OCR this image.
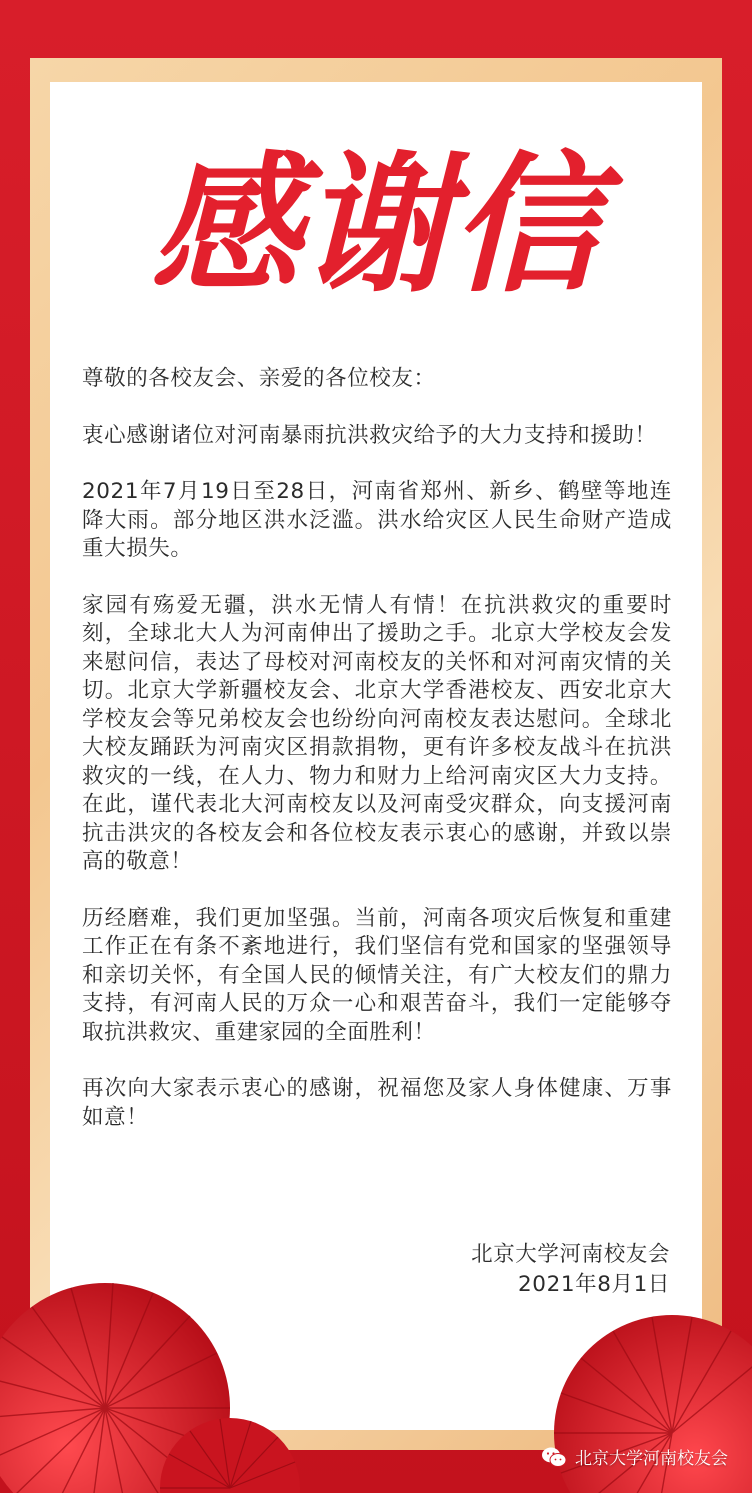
感谢信

尊敬的各校友会、亲爱的各位校友：

衷心感谢诸位对河南暴雨抗洪救灾给予的大力支持和援助！

2021年7月19日至28日，河南省郑州、新乡、鹤壁等地连降大雨。部分地区洪水泛滥。洪水给灾区人民生命财产造成重大损失。

家园有殇爱无疆，洪水无情人有情！在抗洪救灾的重要时刻，全球北大人为河南伸出了援助之手。北京大学校友会发来慰问信，表达了母校对河南校友的关怀和对河南灾情的关切。北京大学新疆校友会、北京大学香港校友、西安北京大学校友会等兄弟校友会也纷纷向河南校友表达慰问。全球北大校友踊跃为河南灾区捐款捐物，更有许多校友战斗在抗洪救灾的一线，在人力、物力和财力上给河南灾区大力支持。在此，谨代表北大河南校友以及河南受灾群众，向支援河南抗击洪灾的各校友会和各位校友表示衷心的感谢，并致以崇高的敬意！

历经磨难，我们更加坚强。当前，河南各项灾后恢复和重建工作正在有条不紊地进行，我们坚信有党和国家的坚强领导和亲切关怀，有全国人民的倾情关注，有广大校友们的鼎力支持，有河南人民的万众一心和艰苦奋斗，我们一定能够夺取抗洪救灾、重建家园的全面胜利！

再次向大家表示衷心的感谢，祝福您及家人身体健康、万事如意！

北京大学河南校友会
2021年8月1日
北京大学河南校友会
